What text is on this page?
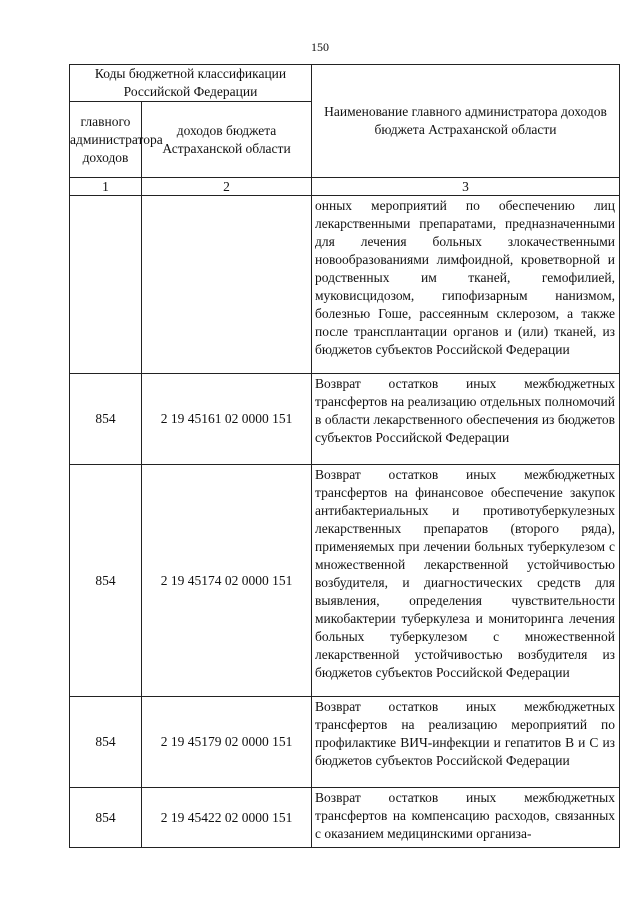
150
Коды бюджетной классификации Российской Федерации		Наименование главного администратора доходов бюджета Астраханской области
главного администратора доходов	доходов бюджета Астраханской области	
1	2	3
		онных мероприятий по обеспечению лиц лекарственными препаратами, предназначенными для лечения больных злокачественными новообразованиями лимфоидной, кроветворной и родственных им тканей, гемофилией, муковисцидозом, гипофизарным нанизмом, болезнью Гоше, рассеянным склерозом, а также после трансплантации органов и (или) тканей, из бюджетов субъектов Российской Федерации
854	2 19 45161 02 0000 151	Возврат остатков иных межбюджетных трансфертов на реализацию отдельных полномочий в области лекарственного обеспечения из бюджетов субъектов Российской Федерации
854	2 19 45174 02 0000 151	Возврат остатков иных межбюджетных трансфертов на финансовое обеспечение закупок антибактериальных и противотуберкулезных лекарственных препаратов (второго ряда), применяемых при лечении больных туберкулезом с множественной лекарственной устойчивостью возбудителя, и диагностических средств для выявления, определения чувствительности микобактерии туберкулеза и мониторинга лечения больных туберкулезом с множественной лекарственной устойчивостью возбудителя из бюджетов субъектов Российской Федерации
854	2 19 45179 02 0000 151	Возврат остатков иных межбюджетных трансфертов на реализацию мероприятий по профилактике ВИЧ-инфекции и гепатитов B и C из бюджетов субъектов Российской Федерации
854	2 19 45422 02 0000 151	Возврат остатков иных межбюджетных трансфертов на компенсацию расходов, связанных с оказанием медицинскими организа-
